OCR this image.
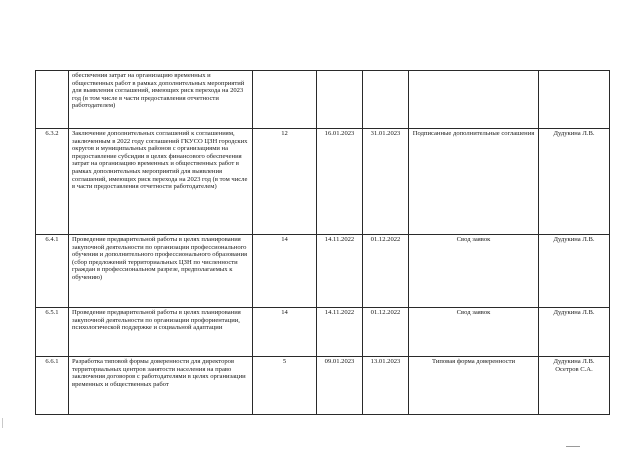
	обеспечения затрат на организацию временных и общественных работ в рамках дополнительных мероприятий для выявления соглашений, имеющих риск перехода на 2023 год (в том числе в части предоставления отчетности работодателем)					
6.3.2	Заключение дополнительных соглашений к соглашениям, заключенным в 2022 году соглашений ГКУСО ЦЗН городских округов и муниципальных районов с организациями на предоставление субсидии в целях финансового обеспечения затрат на организацию временных и общественных работ в рамках дополнительных мероприятий для выявления соглашений, имеющих риск перехода на 2023 год (в том числе в части предоставления отчетности работодателем)	12	16.01.2023	31.01.2023	Подписанные дополнительные соглашения	Дудукина Л.В.

6.4.1	Проведение предварительной работы в целях планирования закупочной деятельности по организации профессионального обучения и дополнительного профессионального образования (сбор предложений территориальных ЦЗН по численности граждан в профессиональном разрезе, предполагаемых к обучению)	14	14.11.2022	01.12.2022	Свод заявок	Дудукина Л.В.

6.5.1	Проведение предварительной работы в целях планирования закупочной деятельности по организации профориентации, психологической поддержке и социальной адаптации	14	14.11.2022	01.12.2022	Свод заявок	Дудукина Л.В.

6.6.1	Разработка типовой формы доверенности для директоров территориальных центров занятости населения на право заключения договоров с работодателями в целях организации временных и общественных работ	5	09.01.2023	13.01.2023	Типовая форма доверенности	Дудукина Л.В.
Осетров С.А.
